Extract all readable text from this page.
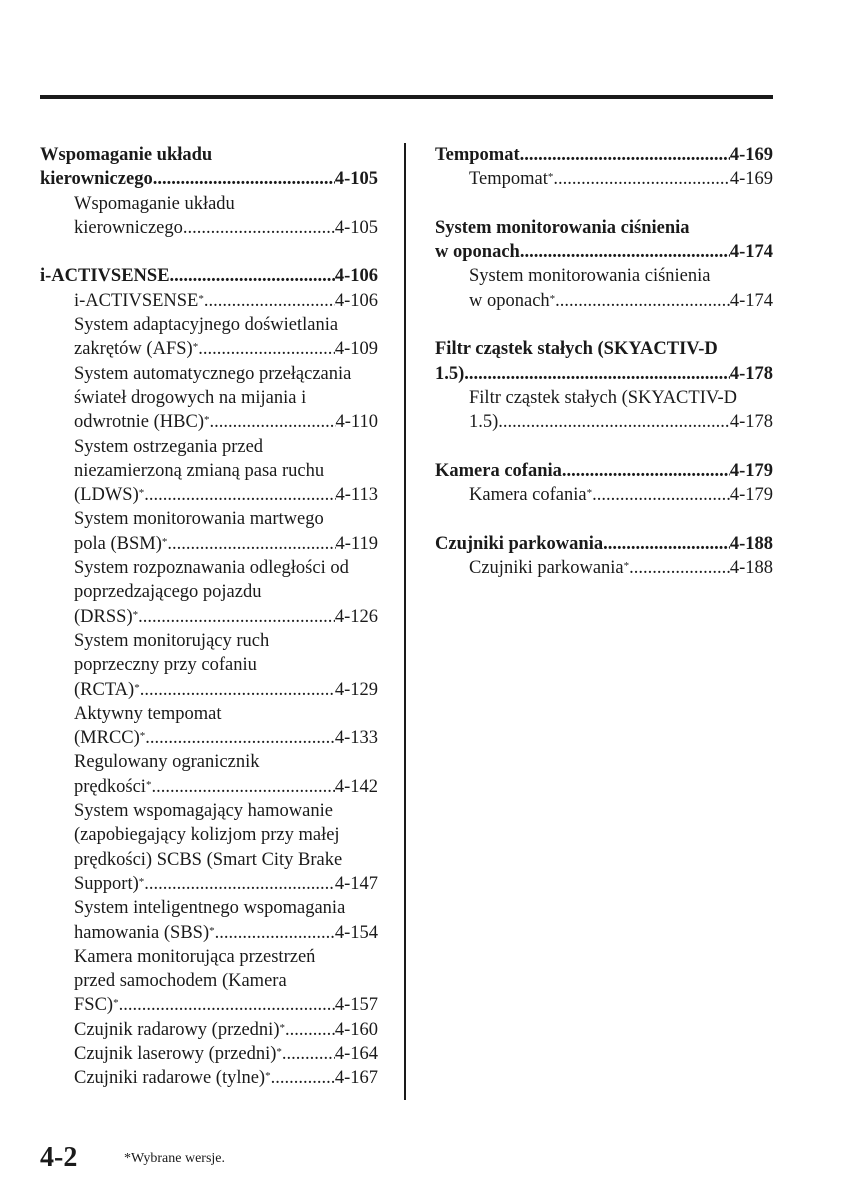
Wspomaganie układu
kierowniczego .....	4-105
Wspomaganie układu
kierowniczego .....	4-105
i-ACTIVSENSE .....	4-106
i-ACTIVSENSE* .....	4-106
System adaptacyjnego doświetlania
zakrętów (AFS)* .....	4-109
System automatycznego przełączania
świateł drogowych na mijania i
odwrotnie (HBC)* .....	4-110
System ostrzegania przed
niezamierzoną zmianą pasa ruchu
(LDWS)* .....	4-113
System monitorowania martwego
pola (BSM)* .....	4-119
System rozpoznawania odległości od
poprzedzającego pojazdu
(DRSS)* .....	4-126
System monitorujący ruch
poprzeczny przy cofaniu
(RCTA)* .....	4-129
Aktywny tempomat
(MRCC)* .....	4-133
Regulowany ogranicznik
prędkości* .....	4-142
System wspomagający hamowanie
(zapobiegający kolizjom przy małej
prędkości) SCBS (Smart City Brake
Support)* .....	4-147
System inteligentnego wspomagania
hamowania (SBS)* .....	4-154
Kamera monitorująca przestrzeń
przed samochodem (Kamera
FSC)* .....	4-157
Czujnik radarowy (przedni)* .....	4-160
Czujnik laserowy (przedni)* .....	4-164
Czujniki radarowe (tylne)* .....	4-167
Tempomat .....	4-169
Tempomat* .....	4-169
System monitorowania ciśnienia
w oponach .....	4-174
System monitorowania ciśnienia
w oponach* .....	4-174
Filtr cząstek stałych (SKYACTIV-D
1.5) .....	4-178
Filtr cząstek stałych (SKYACTIV-D
1.5) .....	4-178
Kamera cofania .....	4-179
Kamera cofania* .....	4-179
Czujniki parkowania .....	4-188
Czujniki parkowania* .....	4-188
4-2	*Wybrane wersje.
